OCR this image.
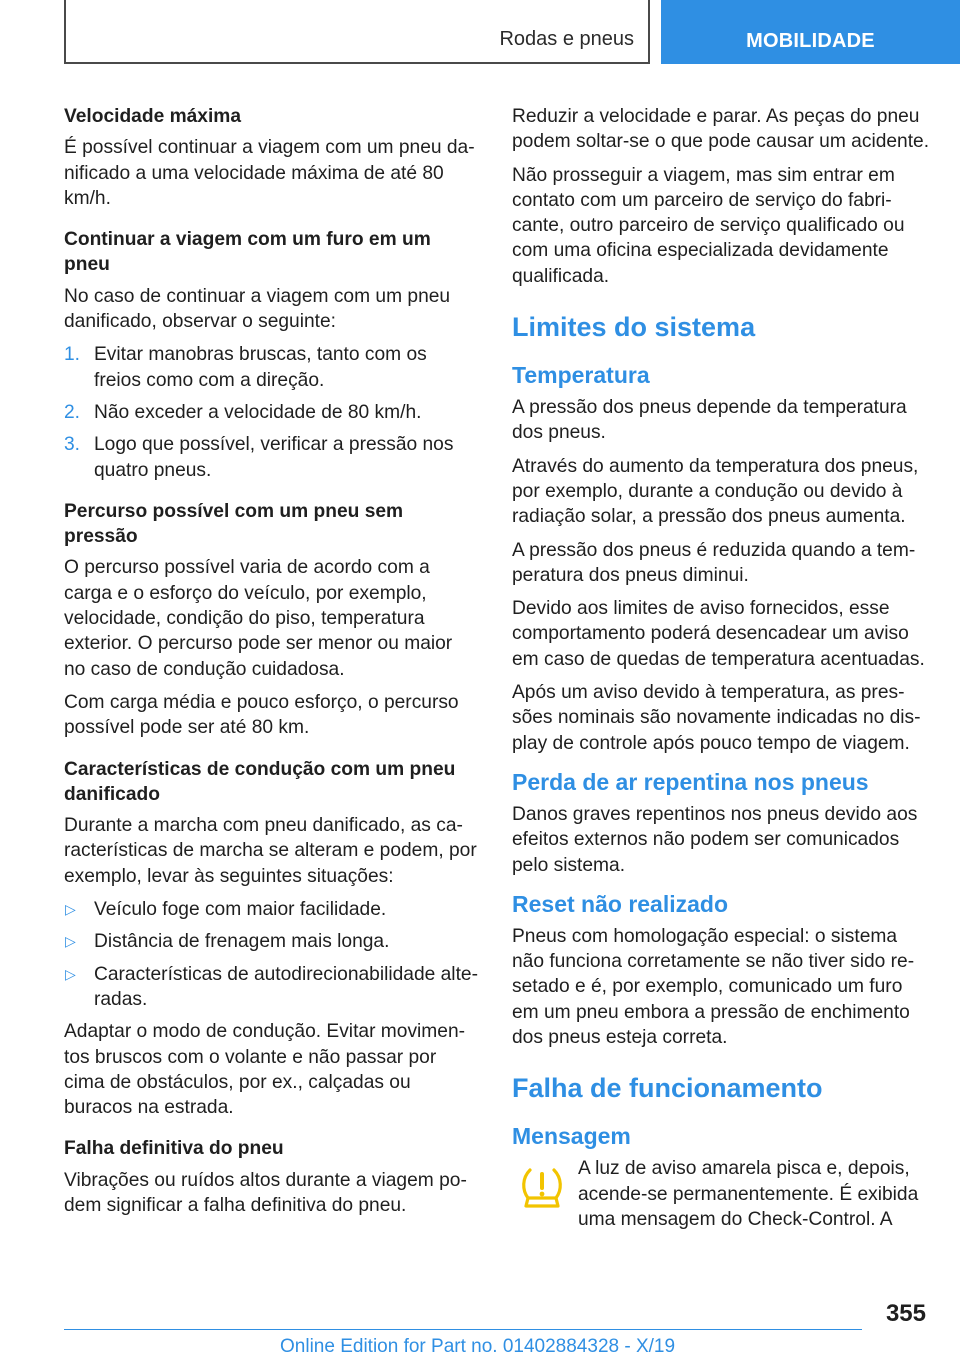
Rodas e pneus	MOBILIDADE
Velocidade máxima
É possível continuar a viagem com um pneu danificado a uma velocidade máxima de até 80 km/h.
Continuar a viagem com um furo em um pneu
No caso de continuar a viagem com um pneu danificado, observar o seguinte:
1. Evitar manobras bruscas, tanto com os freios como com a direção.
2. Não exceder a velocidade de 80 km/h.
3. Logo que possível, verificar a pressão nos quatro pneus.
Percurso possível com um pneu sem pressão
O percurso possível varia de acordo com a carga e o esforço do veículo, por exemplo, velocidade, condição do piso, temperatura exterior. O percurso pode ser menor ou maior no caso de condução cuidadosa.
Com carga média e pouco esforço, o percurso possível pode ser até 80 km.
Características de condução com um pneu danificado
Durante a marcha com pneu danificado, as características de marcha se alteram e podem, por exemplo, levar às seguintes situações:
▷ Veículo foge com maior facilidade.
▷ Distância de frenagem mais longa.
▷ Características de autodirecionabilidade alteradas.
Adaptar o modo de condução. Evitar movimentos bruscos com o volante e não passar por cima de obstáculos, por ex., calçadas ou buracos na estrada.
Falha definitiva do pneu
Vibrações ou ruídos altos durante a viagem podem significar a falha definitiva do pneu.
Reduzir a velocidade e parar. As peças do pneu podem soltar-se o que pode causar um acidente.
Não prosseguir a viagem, mas sim entrar em contato com um parceiro de serviço do fabricante, outro parceiro de serviço qualificado ou com uma oficina especializada devidamente qualificada.
Limites do sistema
Temperatura
A pressão dos pneus depende da temperatura dos pneus.
Através do aumento da temperatura dos pneus, por exemplo, durante a condução ou devido à radiação solar, a pressão dos pneus aumenta.
A pressão dos pneus é reduzida quando a temperatura dos pneus diminui.
Devido aos limites de aviso fornecidos, esse comportamento poderá desencadear um aviso em caso de quedas de temperatura acentuadas.
Após um aviso devido à temperatura, as pressões nominais são novamente indicadas no display de controle após pouco tempo de viagem.
Perda de ar repentina nos pneus
Danos graves repentinos nos pneus devido aos efeitos externos não podem ser comunicados pelo sistema.
Reset não realizado
Pneus com homologação especial: o sistema não funciona corretamente se não tiver sido resetado e é, por exemplo, comunicado um furo em um pneu embora a pressão de enchimento dos pneus esteja correta.
Falha de funcionamento
Mensagem
A luz de aviso amarela pisca e, depois, acende-se permanentemente. É exibida uma mensagem do Check-Control. A
355
Online Edition for Part no. 01402884328 - X/19
